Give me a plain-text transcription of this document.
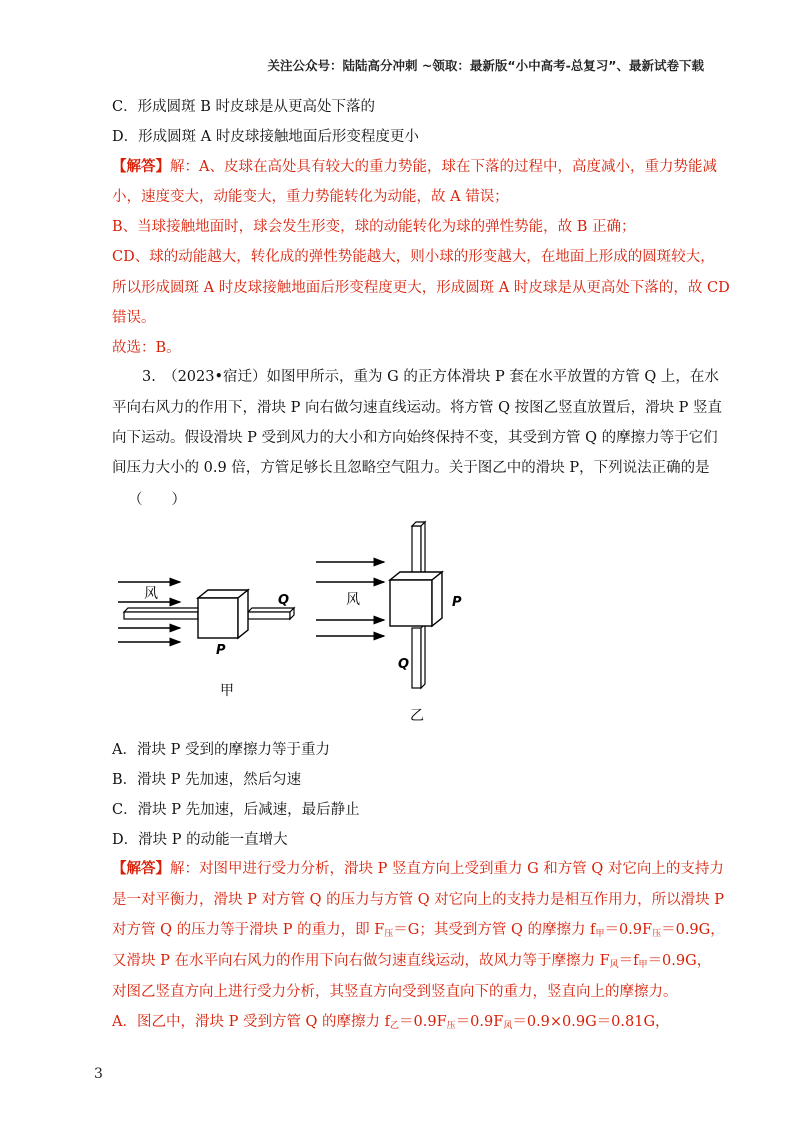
关注公众号：陆陆高分冲刺 ~领取：最新版“小中高考-总复习”、最新试卷下载
C．形成圆斑 B 时皮球是从更高处下落的
D．形成圆斑 A 时皮球接触地面后形变程度更小
【解答】解：A、皮球在高处具有较大的重力势能，球在下落的过程中，高度减小，重力势能减
小，速度变大，动能变大，重力势能转化为动能，故 A 错误；
B、当球接触地面时，球会发生形变，球的动能转化为球的弹性势能，故 B 正确；
CD、球的动能越大，转化成的弹性势能越大，则小球的形变越大，在地面上形成的圆斑较大，
所以形成圆斑 A 时皮球接触地面后形变程度更大，形成圆斑 A 时皮球是从更高处下落的，故 CD
错误。
故选：B。
3.　（2023•宿迁）如图甲所示，重为 G 的正方体滑块 P 套在水平放置的方管 Q 上，在水
平向右风力的作用下，滑块 P 向右做匀速直线运动。将方管 Q 按图乙竖直放置后，滑块 P 竖直
向下运动。假设滑块 P 受到风力的大小和方向始终保持不变，其受到方管 Q 的摩擦力等于它们
间压力大小的 0.9 倍，方管足够长且忽略空气阻力。关于图乙中的滑块 P，下列说法正确的是
（　　）
风	Q
P
甲
风	P
Q
乙
A．滑块 P 受到的摩擦力等于重力
B．滑块 P 先加速，然后匀速
C．滑块 P 先加速，后减速，最后静止
D．滑块 P 的动能一直增大
【解答】解：对图甲进行受力分析，滑块 P 竖直方向上受到重力 G 和方管 Q 对它向上的支持力
是一对平衡力，滑块 P 对方管 Q 的压力与方管 Q 对它向上的支持力是相互作用力，所以滑块 P
对方管 Q 的压力等于滑块 P 的重力，即 $F_压=G$；其受到方管 Q 的摩擦力 $f_甲=0.9F_压=0.9G$，
又滑块 P 在水平向右风力的作用下向右做匀速直线运动，故风力等于摩擦力 $F_风=f_甲=0.9G$，
对图乙竖直方向上进行受力分析，其竖直方向受到竖直向下的重力，竖直向上的摩擦力。
A．图乙中，滑块 P 受到方管 Q 的摩擦力 $f_乙=0.9F_压=0.9F_风=0.9\times 0.9G=0.81G$，
3
